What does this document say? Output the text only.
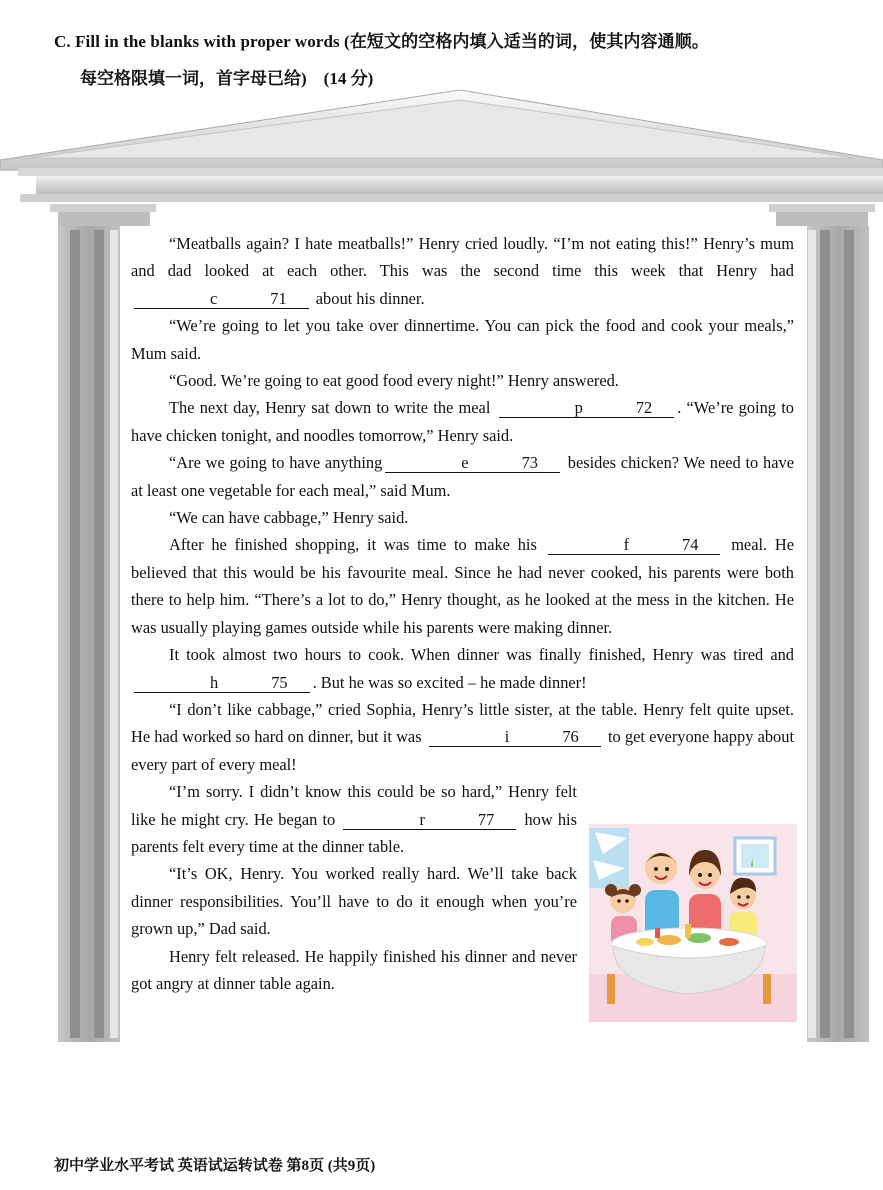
C. Fill in the blanks with proper words (在短文的空格内填入适当的词，使其内容通顺。
每空格限填一词，首字母已给)　(14 分)

“Meatballs again? I hate meatballs!” Henry cried loudly. “I’m not eating this!” Henry’s mum and dad looked at each other. This was the second time this week that Henry hadc	71 about his dinner.

“We’re going to let you take over dinnertime. You can pick the food and cook your meals,” Mum said.

“Good. We’re going to eat good food every night!” Henry answered.

The next day, Henry sat down to write the meal	p	72 . “We’re going to have chicken tonight, and noodles tomorrow,” Henry said.

“Are we going to have anything	e	73 besides chicken? We need to have at least one vegetable for each meal,” said Mum.

“We can have cabbage,” Henry said.

After he finished shopping, it was time to make his	f	74 meal. He believed that this would be his favourite meal. Since he had never cooked, his parents were both there to help him. “There’s a lot to do,” Henry thought, as he looked at the mess in the kitchen. He was usually playing games outside while his parents were making dinner.

It took almost two hours to cook. When dinner was finally finished, Henry was tired and h	75 . But he was so excited – he made dinner!

“I don’t like cabbage,” cried Sophia, Henry’s little sister, at the table. Henry felt quite upset. He had worked so hard on dinner, but it was	i	76 to get everyone happy about every part of every meal!

“I’m sorry. I didn’t know this could be so hard,” Henry felt like he might cry. He began to	r	77 how his parents felt every time at the dinner table.

“It’s OK, Henry. You worked really hard. We’ll take back dinner responsibilities. You’ll have to do it enough when you’re grown up,” Dad said.

Henry felt released. He happily finished his dinner and never got angry at dinner table again.

初中学业水平考试 英语试运转试卷 第8页 (共9页)
